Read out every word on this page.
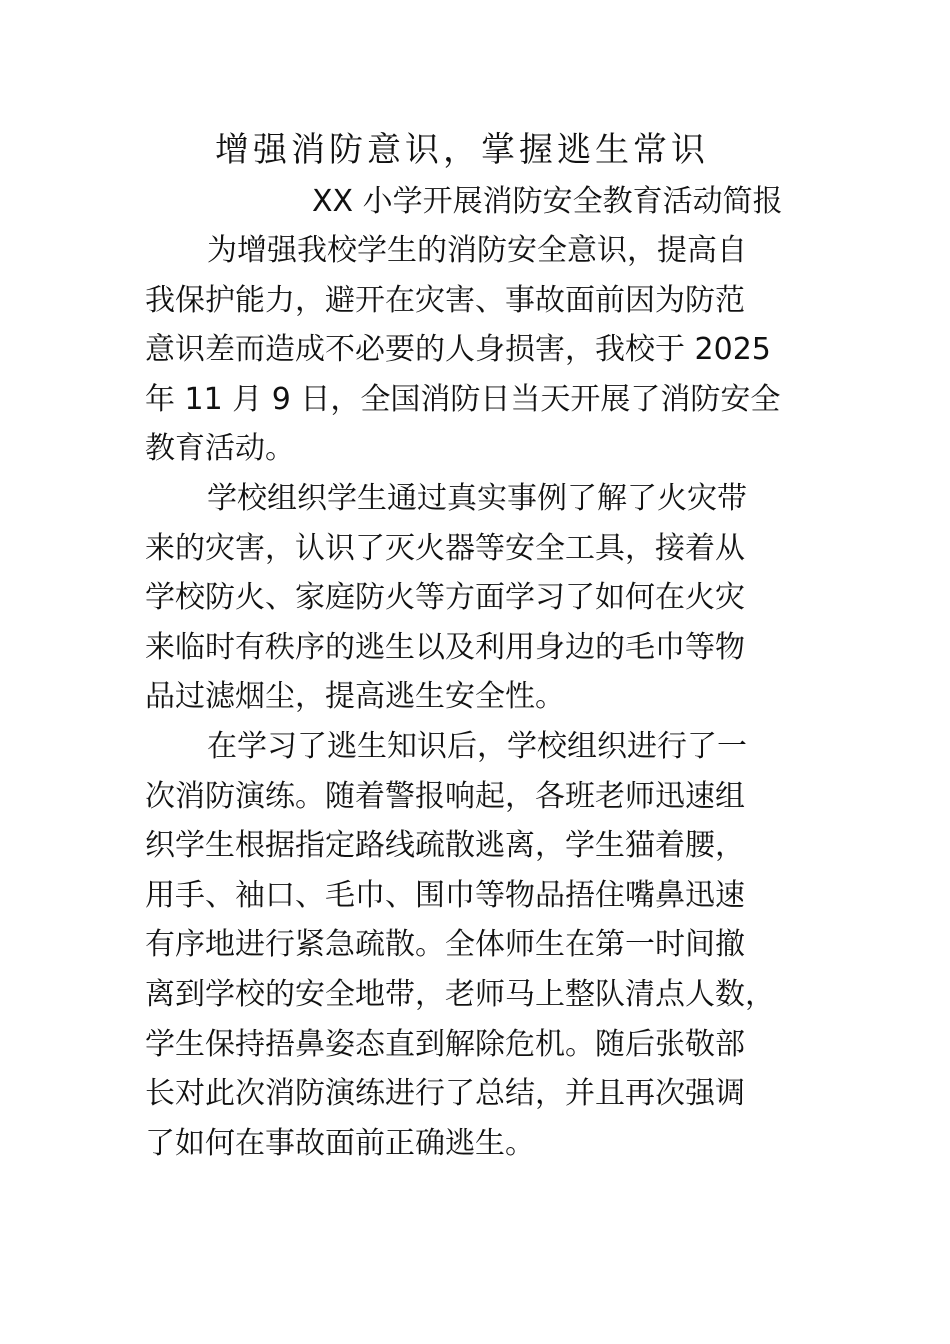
增强消防意识，掌握逃生常识
XX 小学开展消防安全教育活动简报

为增强我校学生的消防安全意识，提高自
我保护能力，避开在灾害、事故面前因为防范
意识差而造成不必要的人身损害，我校于 2025
年 11 月 9 日，全国消防日当天开展了消防安全
教育活动。

学校组织学生通过真实事例了解了火灾带
来的灾害，认识了灭火器等安全工具，接着从
学校防火、家庭防火等方面学习了如何在火灾
来临时有秩序的逃生以及利用身边的毛巾等物
品过滤烟尘，提高逃生安全性。

在学习了逃生知识后，学校组织进行了一
次消防演练。随着警报响起，各班老师迅速组
织学生根据指定路线疏散逃离，学生猫着腰，
用手、袖口、毛巾、围巾等物品捂住嘴鼻迅速
有序地进行紧急疏散。全体师生在第一时间撤
离到学校的安全地带，老师马上整队清点人数，
学生保持捂鼻姿态直到解除危机。随后张敬部
长对此次消防演练进行了总结，并且再次强调
了如何在事故面前正确逃生。
